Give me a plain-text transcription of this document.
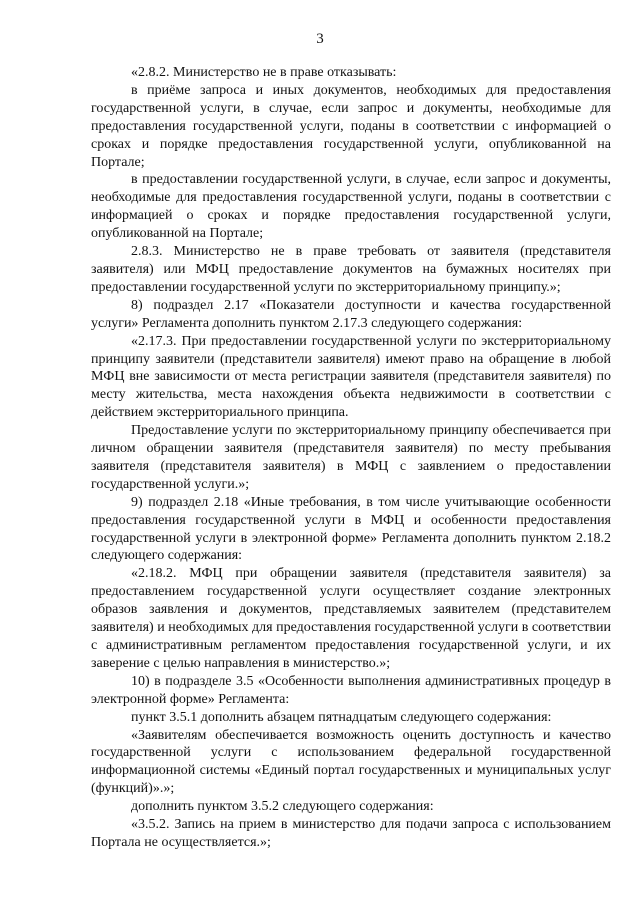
3

«2.8.2. Министерство не в праве отказывать:

в приёме запроса и иных документов, необходимых для предоставления государственной услуги, в случае, если запрос и документы, необходимые для предоставления государственной услуги, поданы в соответствии с информацией о сроках и порядке предоставления государственной услуги, опубликованной на Портале;

в предоставлении государственной услуги, в случае, если запрос и документы, необходимые для предоставления государственной услуги, поданы в соответствии с информацией о сроках и порядке предоставления государственной услуги, опубликованной на Портале;

2.8.3. Министерство не в праве требовать от заявителя (представителя заявителя) или МФЦ предоставление документов на бумажных носителях при предоставлении государственной услуги по экстерриториальному принципу.»;

8) подраздел 2.17 «Показатели доступности и качества государственной услуги» Регламента дополнить пунктом 2.17.3 следующего содержания:

«2.17.3. При предоставлении государственной услуги по экстерриториальному принципу заявители (представители заявителя) имеют право на обращение в любой МФЦ вне зависимости от места регистрации заявителя (представителя заявителя) по месту жительства, места нахождения объекта недвижимости в соответствии с действием экстерриториального принципа.

Предоставление услуги по экстерриториальному принципу обеспечивается при личном обращении заявителя (представителя заявителя) по месту пребывания заявителя (представителя заявителя) в МФЦ с заявлением о предоставлении государственной услуги.»;

9) подраздел 2.18 «Иные требования, в том числе учитывающие особенности предоставления государственной услуги в МФЦ и особенности предоставления государственной услуги в электронной форме» Регламента дополнить пунктом 2.18.2 следующего содержания:

«2.18.2. МФЦ при обращении заявителя (представителя заявителя) за предоставлением государственной услуги осуществляет создание электронных образов заявления и документов, представляемых заявителем (представителем заявителя) и необходимых для предоставления государственной услуги в соответствии с административным регламентом предоставления государственной услуги, и их заверение с целью направления в министерство.»;

10) в подразделе 3.5 «Особенности выполнения административных процедур в электронной форме» Регламента:

пункт 3.5.1 дополнить абзацем пятнадцатым следующего содержания:

«Заявителям обеспечивается возможность оценить доступность и качество государственной услуги с использованием федеральной государственной информационной системы «Единый портал государственных и муниципальных услуг (функций)».»;

дополнить пунктом 3.5.2 следующего содержания:

«3.5.2. Запись на прием в министерство для подачи запроса с использованием Портала не осуществляется.»;
